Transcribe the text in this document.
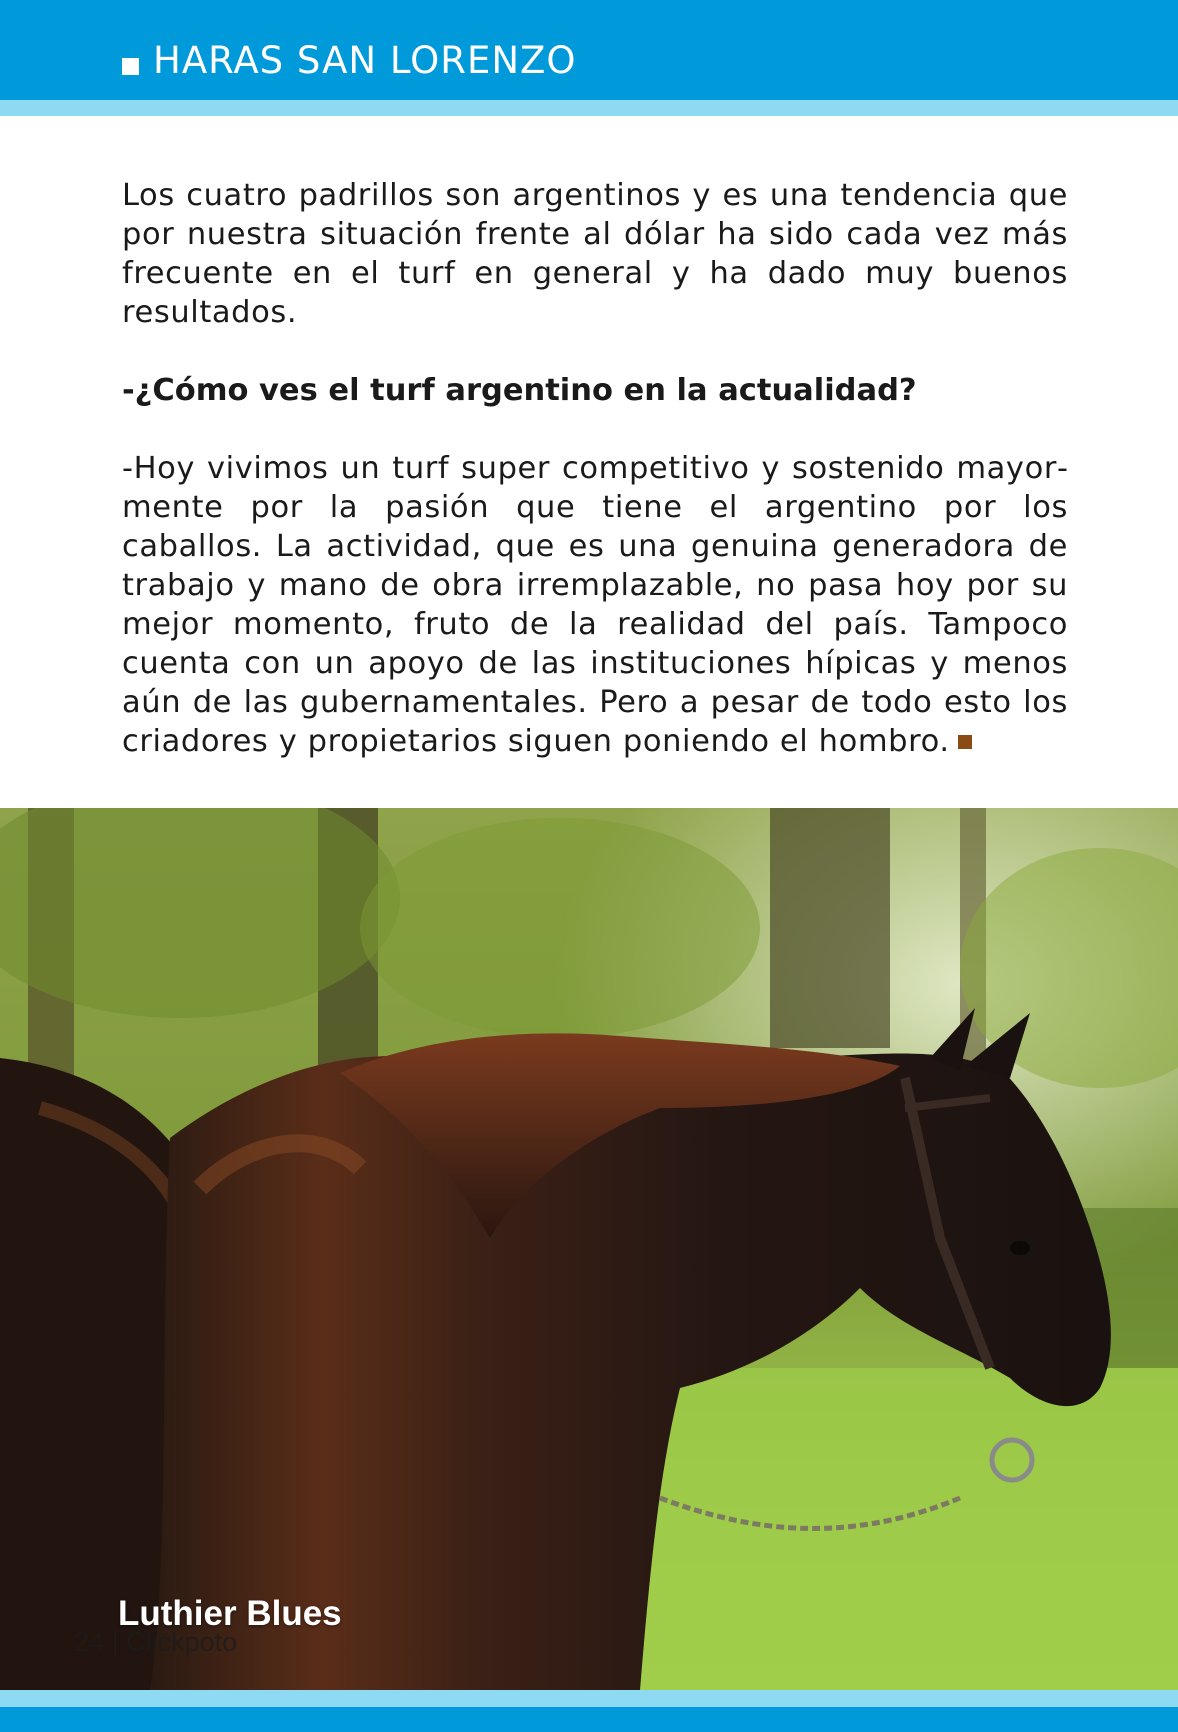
HARAS SAN LORENZO

Los cuatro padrillos son argentinos y es una tendencia que por nuestra situación frente al dólar ha sido cada vez más frecuente en el turf en general y ha dado muy buenos resultados.

-¿Cómo ves el turf argentino en la actualidad?

-Hoy vivimos un turf super competitivo y sostenido mayormente por la pasión que tiene el argentino por los caballos. La actividad, que es una genuina generadora de trabajo y mano de obra irremplazable, no pasa hoy por su mejor momento, fruto de la realidad del país. Tampoco cuenta con un apoyo de las instituciones hípicas y menos aún de las gubernamentales. Pero a pesar de todo esto los criadores y propietarios siguen poniendo el hombro.

Luthier Blues
24 | Clickpoto
